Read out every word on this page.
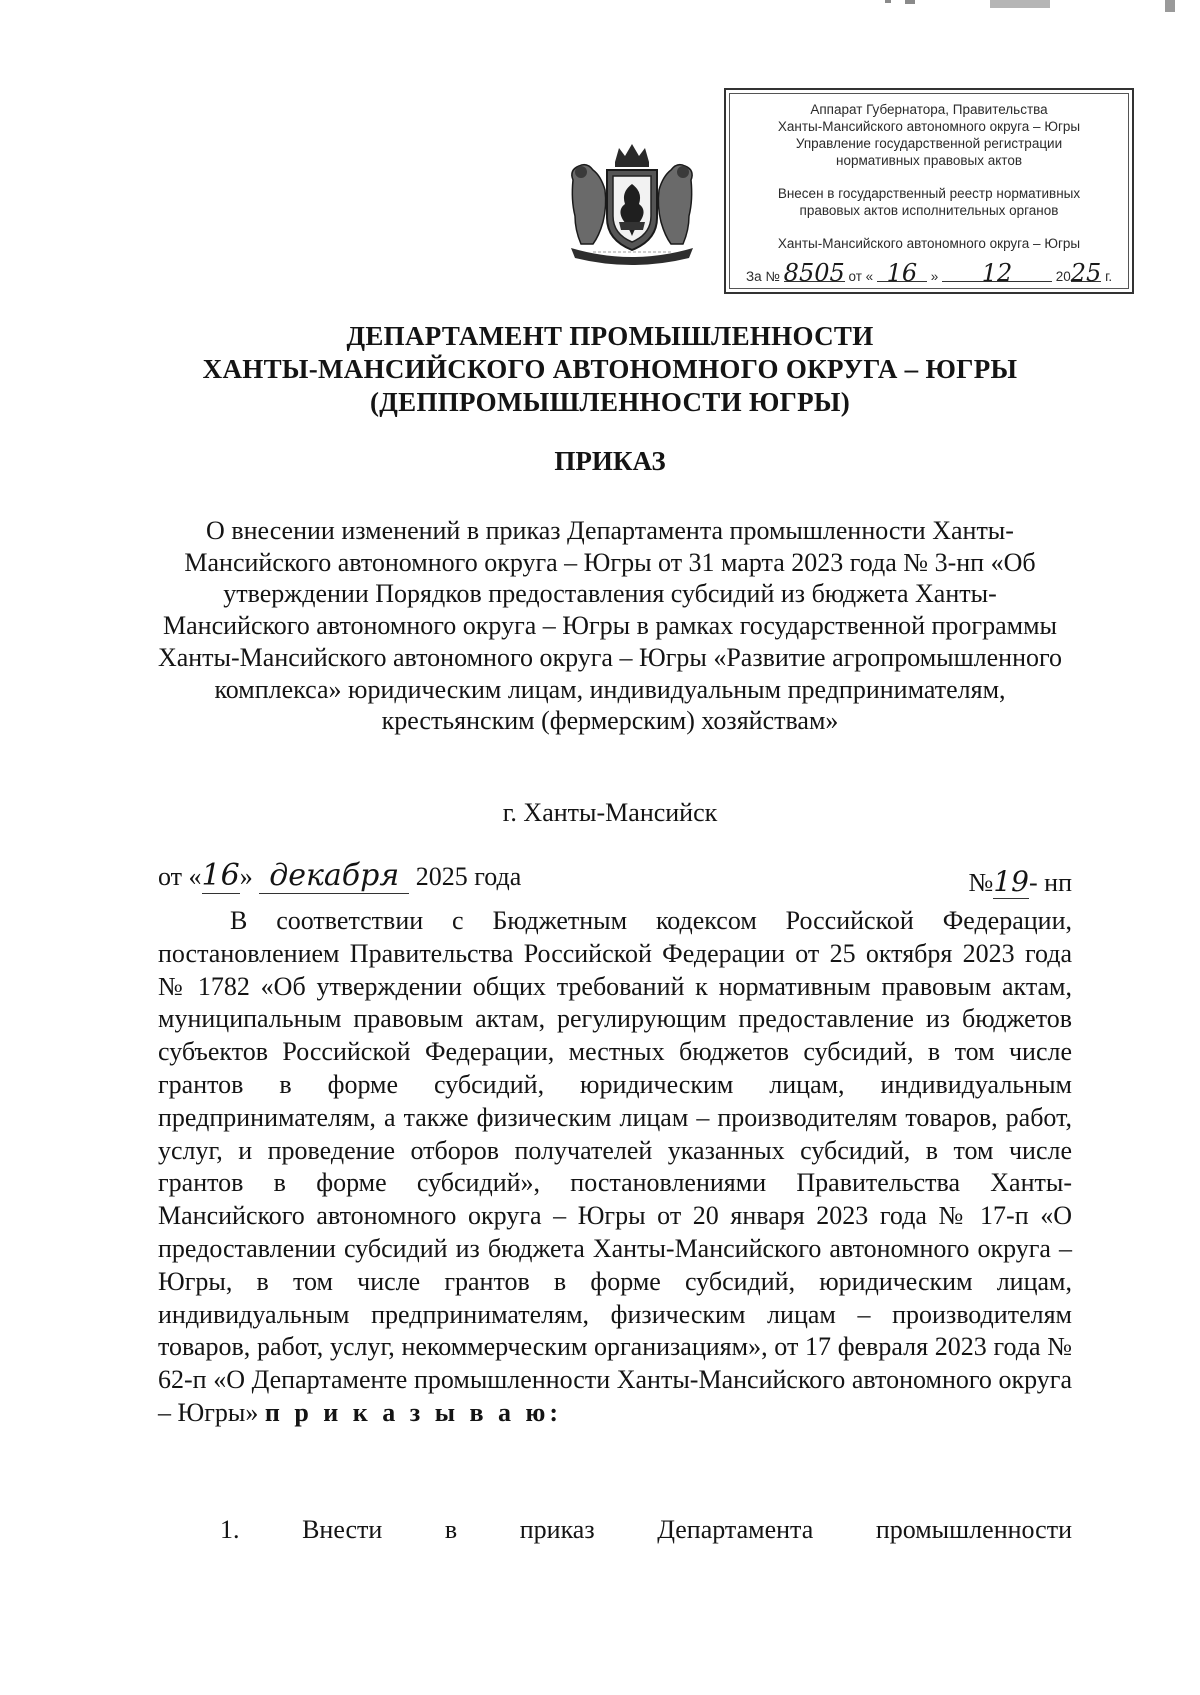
Аппарат Губернатора, Правительства
Ханты-Мансийского автономного округа – Югры
Управление государственной регистрации
нормативных правовых актов
Внесен в государственный реестр нормативных
правовых актов исполнительных органов
Ханты-Мансийского автономного округа – Югры
За № 8505 от « 16 » 12	2025 г.
ДЕПАРТАМЕНТ ПРОМЫШЛЕННОСТИ
ХАНТЫ-МАНСИЙСКОГО АВТОНОМНОГО ОКРУГА – ЮГРЫ
(ДЕППРОМЫШЛЕННОСТИ ЮГРЫ)
ПРИКАЗ
О внесении изменений в приказ Департамента промышленности Ханты-Мансийского автономного округа – Югры от 31 марта 2023 года № 3-нп «Об утверждении Порядков предоставления субсидий из бюджета Ханты-Мансийского автономного округа – Югры в рамках государственной программы Ханты-Мансийского автономного округа – Югры «Развитие агропромышленного комплекса» юридическим лицам, индивидуальным предпринимателям, крестьянским (фермерским) хозяйствам»
г. Ханты-Мансийск
от «16» декабря 2025 года	№19- нп
В соответствии с Бюджетным кодексом Российской Федерации, постановлением Правительства Российской Федерации от 25 октября 2023 года № 1782 «Об утверждении общих требований к нормативным правовым актам, муниципальным правовым актам, регулирующим предоставление из бюджетов субъектов Российской Федерации, местных бюджетов субсидий, в том числе грантов в форме субсидий, юридическим лицам, индивидуальным предпринимателям, а также физическим лицам – производителям товаров, работ, услуг, и проведение отборов получателей указанных субсидий, в том числе грантов в форме субсидий», постановлениями Правительства Ханты-Мансийского автономного округа – Югры от 20 января 2023 года № 17-п «О предоставлении субсидий из бюджета Ханты-Мансийского автономного округа – Югры, в том числе грантов в форме субсидий, юридическим лицам, индивидуальным предпринимателям, физическим лицам – производителям товаров, работ, услуг, некоммерческим организациям», от 17 февраля 2023 года № 62-п «О Департаменте промышленности Ханты-Мансийского автономного округа – Югры» п р и к а з ы в а ю:
1. Внести в приказ Департамента промышленности
